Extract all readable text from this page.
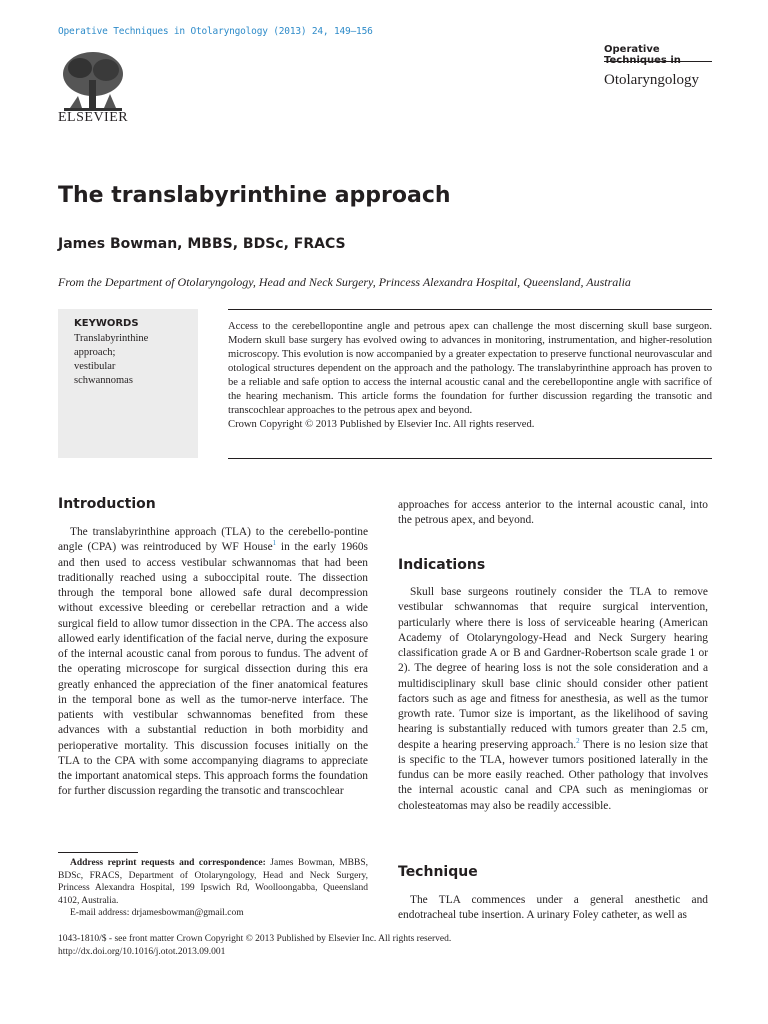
Operative Techniques in Otolaryngology (2013) 24, 149–156
ELSEVIER
Operative
Otolaryngology
The translabyrinthine approach
James Bowman, MBBS, BDSc, FRACS
From the Department of Otolaryngology, Head and Neck Surgery, Princess Alexandra Hospital, Queensland, Australia
KEYWORDS
Translabyrinthine
approach;
vestibular
schwannomas
Access to the cerebellopontine angle and petrous apex can challenge the most discerning skull base surgeon. Modern skull base surgery has evolved owing to advances in monitoring, instrumentation, and higher-resolution microscopy. This evolution is now accompanied by a greater expectation to preserve functional neurovascular and otological structures dependent on the approach and the pathology. The translabyrinthine approach has proven to be a reliable and safe option to access the internal acoustic canal and the cerebellopontine angle with sacrifice of the hearing mechanism. This article forms the foundation for further discussion regarding the transotic and transcochlear approaches to the petrous apex and beyond.
Crown Copyright © 2013 Published by Elsevier Inc. All rights reserved.
Introduction
The translabyrinthine approach (TLA) to the cerebello-pontine angle (CPA) was reintroduced by WF House$^1$ in the early 1960s and then used to access vestibular schwannomas that had been traditionally reached using a suboccipital route. The dissection through the temporal bone allowed safe dural decompression without excessive bleeding or cerebellar retraction and a wide surgical field to allow tumor dissection in the CPA. The access also allowed early identification of the facial nerve, during the exposure of the internal acoustic canal from porous to fundus. The advent of the operating microscope for surgical dissection during this era greatly enhanced the appreciation of the finer anatomical features in the temporal bone as well as the tumor-nerve interface. The patients with vestibular schwannomas benefited from these advances with a substantial reduction in both morbidity and perioperative mortality. This discussion focuses initially on the TLA to the CPA with some accompanying diagrams to appreciate the important anatomical steps. This approach forms the foundation for further discussion regarding the transotic and transcochlear
Address reprint requests and correspondence: James Bowman, MBBS, BDSc, FRACS, Department of Otolaryngology, Head and Neck Surgery, Princess Alexandra Hospital, 199 Ipswich Rd, Woolloongabba, Queensland 4102, Australia.
E-mail address: drjamesbowman@gmail.com
1043-1810/$ - see front matter Crown Copyright © 2013 Published by Elsevier Inc. All rights reserved.
http://dx.doi.org/10.1016/j.otot.2013.09.001
approaches for access anterior to the internal acoustic canal, into the petrous apex, and beyond.
Indications
Skull base surgeons routinely consider the TLA to remove vestibular schwannomas that require surgical intervention, particularly where there is loss of serviceable hearing (American Academy of Otolaryngology-Head and Neck Surgery hearing classification grade A or B and Gardner-Robertson scale grade 1 or 2). The degree of hearing loss is not the sole consideration and a multidisciplinary skull base clinic should consider other patient factors such as age and fitness for anesthesia, as well as the tumor growth rate. Tumor size is important, as the likelihood of saving hearing is substantially reduced with tumors greater than 2.5 cm, despite a hearing preserving approach.$^2$ There is no lesion size that is specific to the TLA, however tumors positioned laterally in the fundus can be more easily reached. Other pathology that involves the internal acoustic canal and CPA such as meningiomas or cholesteatomas may also be readily accessible.
Technique
The TLA commences under a general anesthetic and endotracheal tube insertion. A urinary Foley catheter, as well as
